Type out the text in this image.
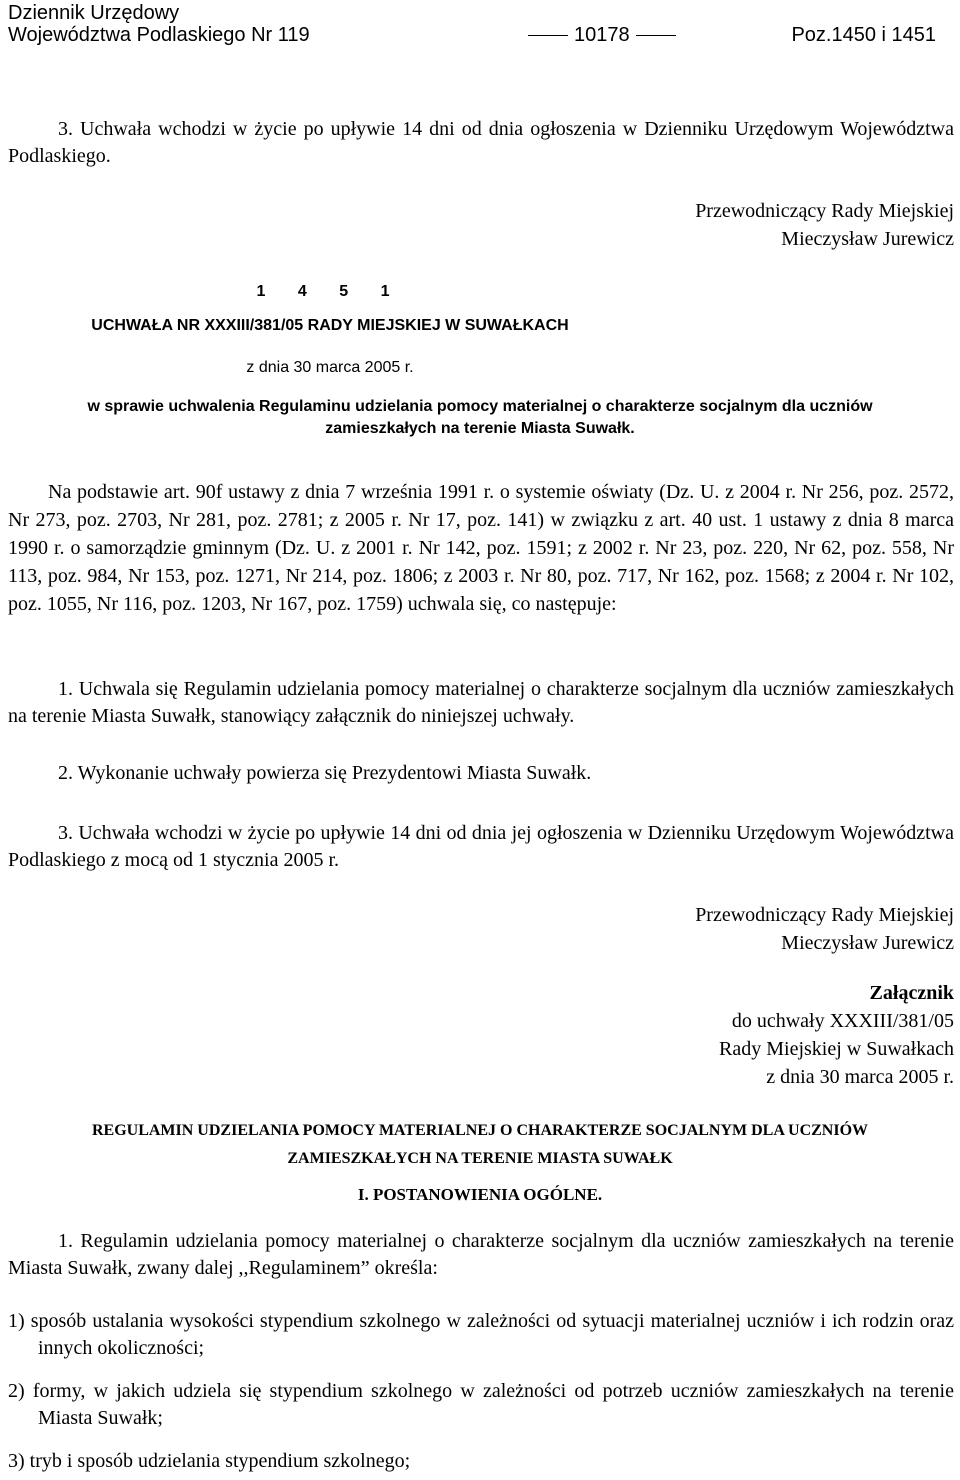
Dziennik Urzędowy
Województwa Podlaskiego Nr 119	10178	Poz.1450 i 1451
3. Uchwała wchodzi w życie po upływie 14 dni od dnia ogłoszenia w Dzienniku Urzędowym Województwa Podlaskiego.
Przewodniczący Rady Miejskiej
Mieczysław Jurewicz
1 4 5 1
UCHWAŁA NR XXXIII/381/05 RADY MIEJSKIEJ W SUWAŁKACH
z dnia 30 marca 2005 r.
w sprawie uchwalenia Regulaminu udzielania pomocy materialnej o charakterze socjalnym dla uczniów zamieszkałych na terenie Miasta Suwałk.
Na podstawie art. 90f ustawy z dnia 7 września 1991 r. o systemie oświaty (Dz. U. z 2004 r. Nr 256, poz. 2572, Nr 273, poz. 2703, Nr 281, poz. 2781; z 2005 r. Nr 17, poz. 141) w związku z art. 40 ust. 1 ustawy z dnia 8 marca 1990 r. o samorządzie gminnym (Dz. U. z 2001 r. Nr 142, poz. 1591; z 2002 r. Nr 23, poz. 220, Nr 62, poz. 558, Nr 113, poz. 984, Nr 153, poz. 1271, Nr 214, poz. 1806; z 2003 r. Nr 80, poz. 717, Nr 162, poz. 1568; z 2004 r. Nr 102, poz. 1055, Nr 116, poz. 1203, Nr 167, poz. 1759) uchwala się, co następuje:
1. Uchwala się Regulamin udzielania pomocy materialnej o charakterze socjalnym dla uczniów zamieszkałych na terenie Miasta Suwałk, stanowiący załącznik do niniejszej uchwały.
2. Wykonanie uchwały powierza się Prezydentowi Miasta Suwałk.
3. Uchwała wchodzi w życie po upływie 14 dni od dnia jej ogłoszenia w Dzienniku Urzędowym Województwa Podlaskiego z mocą od 1 stycznia 2005 r.
Przewodniczący Rady Miejskiej
Mieczysław Jurewicz
Załącznik
do uchwały XXXIII/381/05
Rady Miejskiej w Suwałkach
z dnia 30 marca 2005 r.
REGULAMIN UDZIELANIA POMOCY MATERIALNEJ O CHARAKTERZE SOCJALNYM DLA UCZNIÓW
ZAMIESZKAŁYCH NA TERENIE MIASTA SUWAŁK
I. POSTANOWIENIA OGÓLNE.
1. Regulamin udzielania pomocy materialnej o charakterze socjalnym dla uczniów zamieszkałych na terenie Miasta Suwałk, zwany dalej ,,Regulaminem” określa:
1) sposób ustalania wysokości stypendium szkolnego w zależności od sytuacji materialnej uczniów i ich rodzin oraz innych okoliczności;
2) formy, w jakich udziela się stypendium szkolnego w zależności od potrzeb uczniów zamieszkałych na terenie Miasta Suwałk;
3) tryb i sposób udzielania stypendium szkolnego;
